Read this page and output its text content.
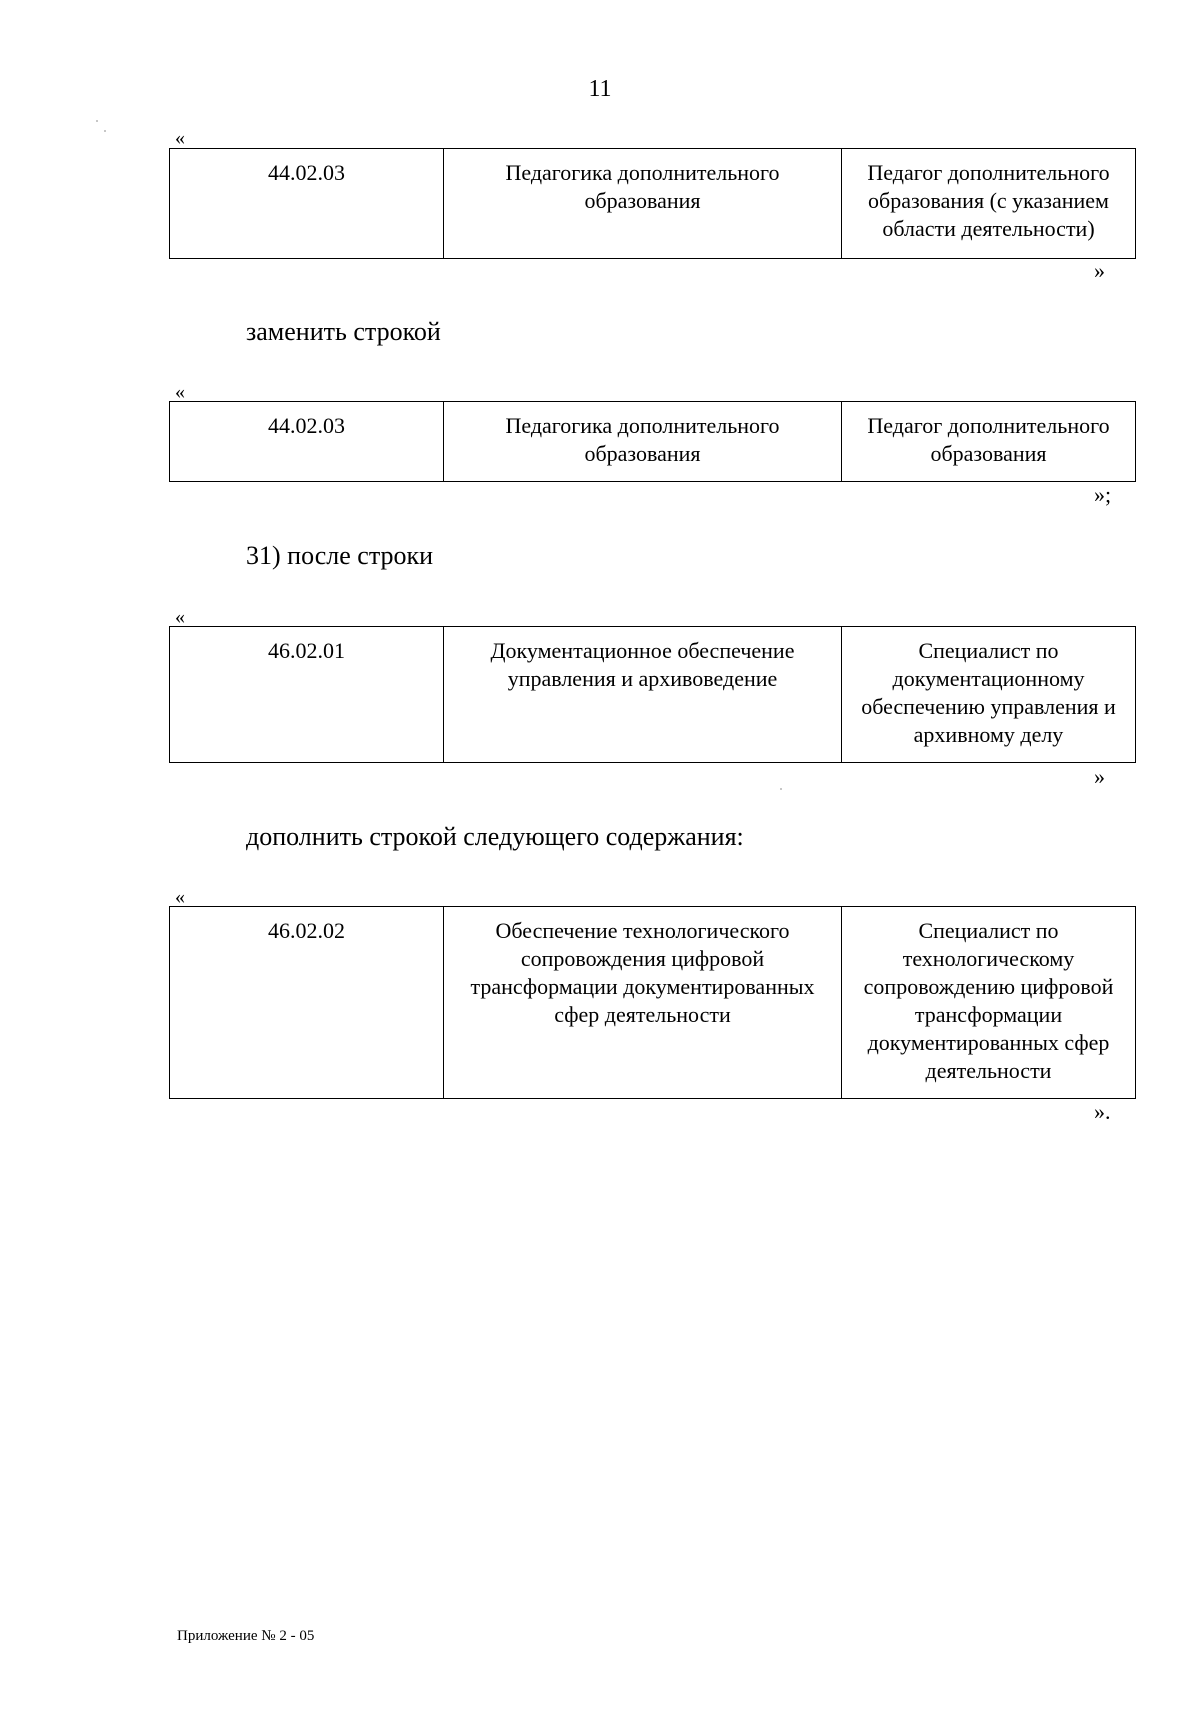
11
«
44.02.03	Педагогика дополнительного образования	Педагог дополнительного образования (с указанием области деятельности)
»
заменить строкой
«
44.02.03	Педагогика дополнительного образования	Педагог дополнительного образования
»;
31) после строки
«
46.02.01	Документационное обеспечение управления и архивоведение	Специалист по документационному обеспечению управления и архивному делу
»
дополнить строкой следующего содержания:
«
46.02.02	Обеспечение технологического сопровождения цифровой трансформации документированных сфер деятельности	Специалист по технологическому сопровождению цифровой трансформации документированных сфер деятельности
».
Приложение № 2 - 05
